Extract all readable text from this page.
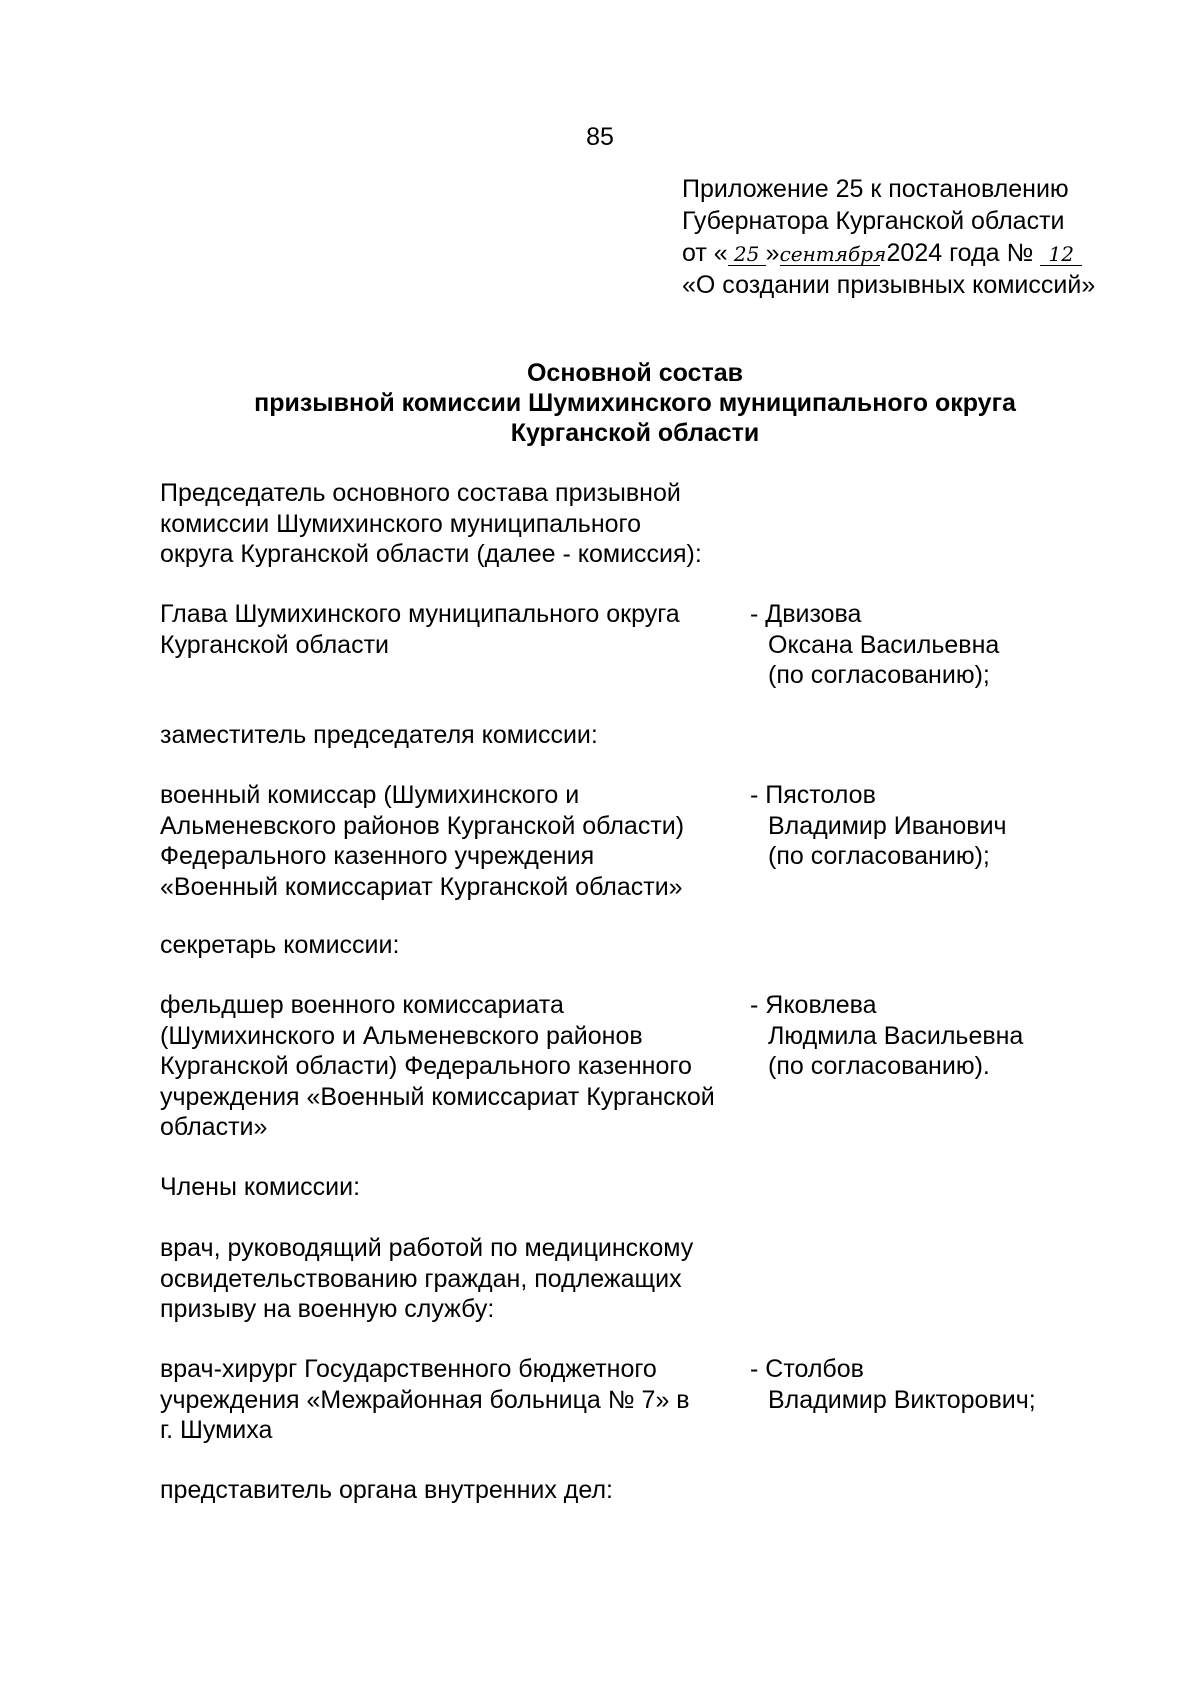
85
Приложение 25 к постановлению
Губернатора Курганской области
от « 25 »сентября 2024 года № 12
«О создании призывных комиссий»
Основной состав
призывной комиссии Шумихинского муниципального округа
Курганской области
Председатель основного состава призывной
комиссии Шумихинского муниципального
округа Курганской области (далее - комиссия):
Глава Шумихинского муниципального округа
Курганской области
- Двизова
Оксана Васильевна
(по согласованию);
заместитель председателя комиссии:
военный комиссар (Шумихинского и
Альменевского районов Курганской области)
Федерального казенного учреждения
«Военный комиссариат Курганской области»
- Пястолов
Владимир Иванович
(по согласованию);
секретарь комиссии:
фельдшер военного комиссариата
(Шумихинского и Альменевского районов
Курганской области) Федерального казенного
учреждения «Военный комиссариат Курганской
области»
- Яковлева
Людмила Васильевна
(по согласованию).
Члены комиссии:
врач, руководящий работой по медицинскому
освидетельствованию граждан, подлежащих
призыву на военную службу:
врач-хирург Государственного бюджетного
учреждения «Межрайонная больница № 7» в
г. Шумиха
- Столбов
Владимир Викторович;
представитель органа внутренних дел:
